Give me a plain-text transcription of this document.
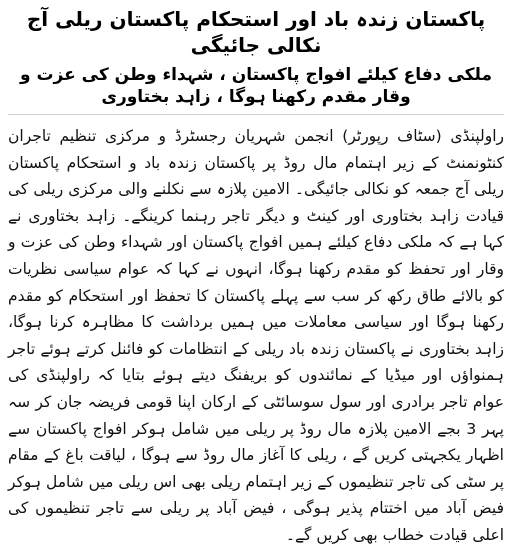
پاکستان زندہ باد اور استحکام پاکستان ریلی آج نکالی جائیگی
ملکی دفاع کیلئے افواج پاکستان ، شہداء وطن کی عزت و وقار مقدم رکھنا ہوگا ، زاہد بختاوری

راولپنڈی (سٹاف رپورٹر) انجمن شہریان رجسٹرڈ و مرکزی تنظیم تاجران کنٹونمنٹ کے زیر اہتمام مال روڈ پر پاکستان زندہ باد و استحکام پاکستان ریلی آج جمعہ کو نکالی جائیگی۔ الامین پلازہ سے نکلنے والی مرکزی ریلی کی قیادت زاہد بختاوری اور کینٹ و دیگر تاجر رہنما کرینگے۔ زاہد بختاوری نے کہا ہے کہ ملکی دفاع کیلئے ہمیں افواج پاکستان اور شہداء وطن کی عزت و وقار اور تحفظ کو مقدم رکھنا ہوگا، انہوں نے کہا کہ عوام سیاسی نظریات کو بالائے طاق رکھ کر سب سے پہلے پاکستان کا تحفظ اور استحکام کو مقدم رکھنا ہوگا اور سیاسی معاملات میں ہمیں برداشت کا مظاہرہ کرنا ہوگا، زاہد بختاوری نے پاکستان زندہ باد ریلی کے انتظامات کو فائنل کرتے ہوئے تاجر ہمنواؤں اور میڈیا کے نمائندوں کو بریفنگ دیتے ہوئے بتایا کہ راولپنڈی کی عوام تاجر برادری اور سول سوسائٹی کے ارکان اپنا قومی فریضہ جان کر سہ پہر 3 بجے الامین پلازہ مال روڈ پر ریلی میں شامل ہوکر افواج پاکستان سے اظہار یکجہتی کریں گے ، ریلی کا آغاز مال روڈ سے ہوگا ، لیاقت باغ کے مقام پر سٹی کی تاجر تنظیموں کے زیر اہتمام ریلی بھی اس ریلی میں شامل ہوکر فیض آباد میں اختتام پذیر ہوگی ، فیض آباد پر ریلی سے تاجر تنظیموں کی اعلی قیادت خطاب بھی کریں گے۔
